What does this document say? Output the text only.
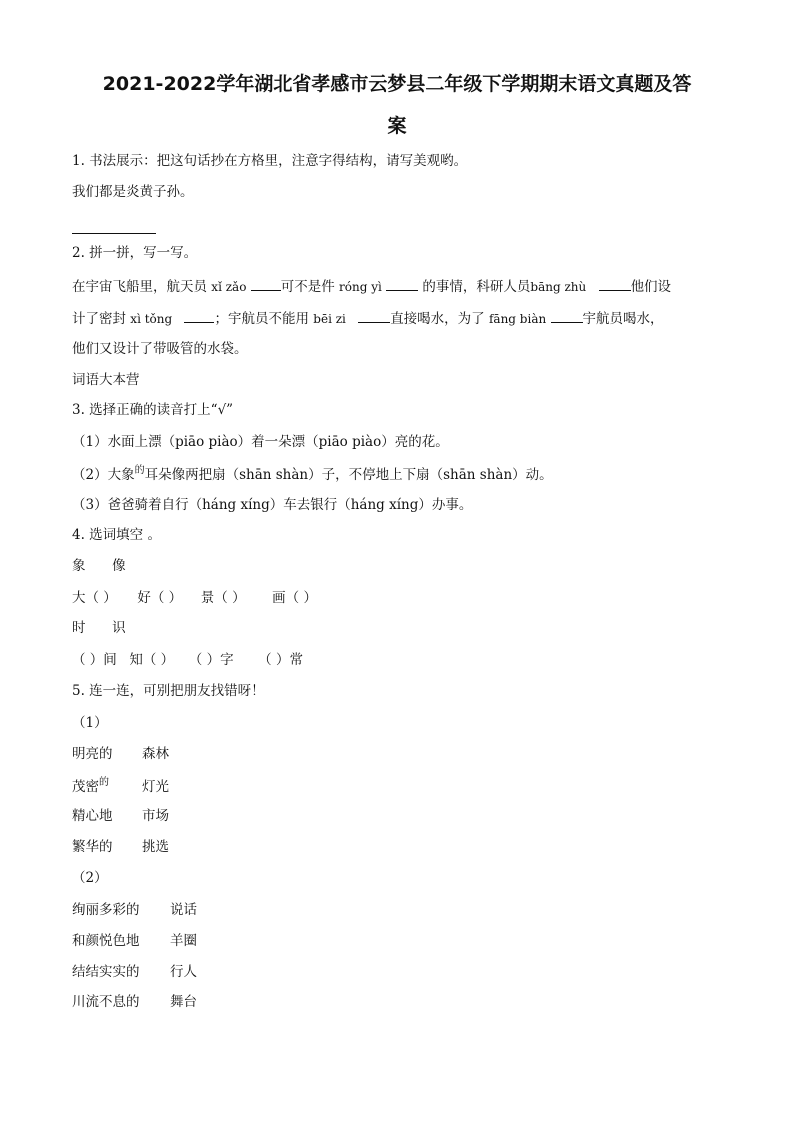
2021-2022学年湖北省孝感市云梦县二年级下学期期末语文真题及答
案
1. 书法展示：把这句话抄在方格里，注意字得结构，请写美观哟。
我们都是炎黄子孙。
2. 拼一拼，写一写。
在宇宙飞船里，航天员 xǐ zǎo	可不是件 róng yì	的事情，科研人员bāng zhù	他们设
计了密封 xì tǒng	；宇航员不能用 bēi zi	直接喝水，为了 fāng biàn	宇航员喝水，
他们又设计了带吸管的水袋。
词语大本营
3. 选择正确的读音打上“√”
（1）水面上漂（piāo piào）着一朵漂（piāo piào）亮的花。
（2）大象$^的$耳朵像两把扇（shān shàn）子，不停地上下扇（shān shàn）动。
（3）爸爸骑着自行（háng xíng）车去银行（háng xíng）办事。
4. 选词填空 。
象 像
大（ ） 好（ ） 景（ ） 画（ ）
时 识
（ ）间 知（ ） （ ）字 （ ）常
5. 连一连，可别把朋友找错呀！
（1）
明亮的 森林
茂密$^的$ 灯光
精心地 市场
繁华的 挑选
（2）
绚丽多彩的 说话
和颜悦色地 羊圈
结结实实的 行人
川流不息的 舞台
